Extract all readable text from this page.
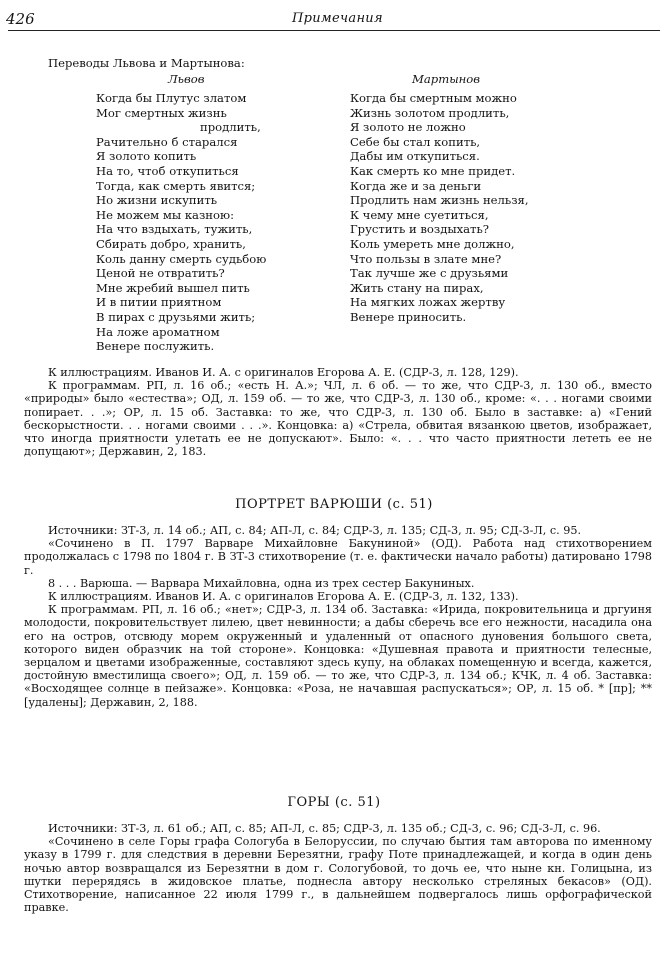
426	Примечания
Переводы Львова и Мартынова:
Львов	Мартынов
Когда бы Плутус златом
Мог смертных жизнь
продлить,
Рачительно б старался
Я золото копить
На то, чтоб откупиться
Тогда, как смерть явится;
Но жизни искупить
Не можем мы казною:
На что вздыхать, тужить,
Сбирать добро, хранить,
Коль данну смерть судьбою
Ценой не отвратить?
Мне жребий вышел пить
И в питии приятном
В пирах с друзьями жить;
На ложе ароматном
Венере послужить.
Когда бы смертным можно
Жизнь золотом продлить,
Я золото не ложно
Себе бы стал копить,
Дабы им откупиться.
Как смерть ко мне придет.
Когда же и за деньги
Продлить нам жизнь нельзя,
К чему мне суетиться,
Грустить и воздыхать?
Коль умереть мне должно,
Что пользы в злате мне?
Так лучше же с друзьями
Жить стану на пирах,
На мягких ложах жертву
Венере приносить.

К иллюстрациям. Иванов И. А. с оригиналов Егорова А. Е. (СДР-3, л. 128, 129).

К программам. РП, л. 16 об.; «есть Н. А.»; ЧЛ, л. 6 об. — то же, что СДР-3, л. 130 об., вместо «природы» было «естества»; ОД, л. 159 об. — то же, что СДР-3, л. 130 об., кроме: «. . . ногами своими попирает. . .»; ОР, л. 15 об. Заставка: то же, что СДР-3, л. 130 об. Было в заставке: а) «Гений бескорыстности. . . ногами своими . . .». Концовка: а) «Стрела, обвитая вязанкою цветов, изображает, что иногда приятности улетать ее не допускают». Было: «. . . что часто приятности лететь ее не допущают»; Державин, 2, 183.

ПОРТРЕТ ВАРЮШИ (с. 51)

Источники: ЗТ-3, л. 14 об.; АП, с. 84; АП-Л, с. 84; СДР-3, л. 135; СД-3, л. 95; СД-3-Л, с. 95.

«Сочинено в П. 1797 Варваре Михайловне Бакуниной» (ОД). Работа над стихотворением продолжалась с 1798 по 1804 г. В ЗТ-3 стихотворение (т. е. фактически начало работы) датировано 1798 г.

8 . . . Варюша. — Варвара Михайловна, одна из трех сестер Бакуниных.

К иллюстрациям. Иванов И. А. с оригиналов Егорова А. Е. (СДР-3, л. 132, 133).

К программам. РП, л. 16 об.; «нет»; СДР-3, л. 134 об. Заставка: «Ирида, покровительница и дргуиня молодости, покровительствует лилею, цвет невинности; а дабы сберечь все его нежности, насадила она его на остров, отсвюду морем окруженный и удаленный от опасного дуновения большого света, которого виден образчик на той стороне». Концовка: «Душевная правота и приятности телесные, зерцалом и цветами изображенные, составляют здесь купу, на облаках помещенную и всегда, кажется, достойную вместилища своего»; ОД, л. 159 об. — то же, что СДР-3, л. 134 об.; КЧК, л. 4 об. Заставка: «Восходящее солнце в пейзаже». Концовка: «Роза, не начавшая распускаться»; ОР, л. 15 об. * [пр]; ** [удалены]; Державин, 2, 188.

ГОРЫ (с. 51)

Источники: ЗТ-3, л. 61 об.; АП, с. 85; АП-Л, с. 85; СДР-3, л. 135 об.; СД-3, с. 96; СД-3-Л, с. 96.

«Сочинено в селе Горы графа Сологуба в Белоруссии, по случаю бытия там авторова по именному указу в 1799 г. для следствия в деревни Березятни, графу Поте принадлежащей, и когда в один день ночью автор возвращался из Березятни в дом г. Сологубовой, то дочь ее, что ныне кн. Голицына, из шутки перерядясь в жидовское платье, поднесла автору несколько стреляных бекасов» (ОД). Стихотворение, написанное 22 июля 1799 г., в дальнейшем подвергалось лишь орфографической правке.
